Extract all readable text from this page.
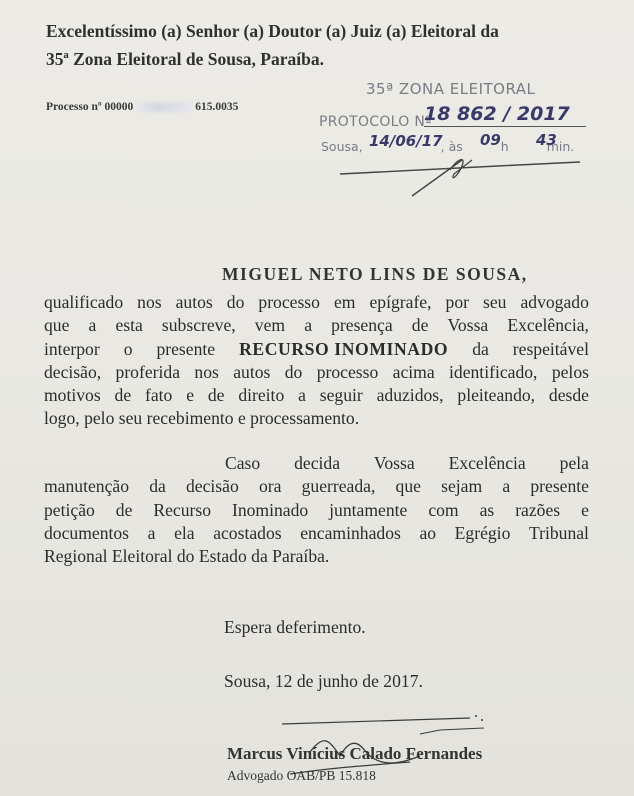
Excelentíssimo (a) Senhor (a) Doutor (a) Juiz (a) Eleitoral da
35ª Zona Eleitoral de Sousa, Paraíba.
Processo nº 00000	615.0035
35ª ZONA ELEITORAL
PROTOCOLO Nº
18 862 / 2017
Sousa,	, às	h	min.
14/06/17 09 43
MIGUEL NETO LINS DE SOUSA,
qualificado nos autos do processo em epígrafe, por seu advogado
que a esta subscreve, vem a presença de Vossa Excelência,
interpor o presente RECURSO INOMINADO da respeitável
decisão, proferida nos autos do processo acima identificado, pelos
motivos de fato e de direito a seguir aduzidos, pleiteando, desde
logo, pelo seu recebimento e processamento.
Caso decida Vossa Excelência pela
manutenção da decisão ora guerreada, que sejam a presente
petição de Recurso Inominado juntamente com as razões e
documentos a ela acostados encaminhados ao Egrégio Tribunal
Regional Eleitoral do Estado da Paraíba.
Espera deferimento.
Sousa, 12 de junho de 2017.
Marcus Vinícius Calado Fernandes
Advogado OAB/PB 15.818
